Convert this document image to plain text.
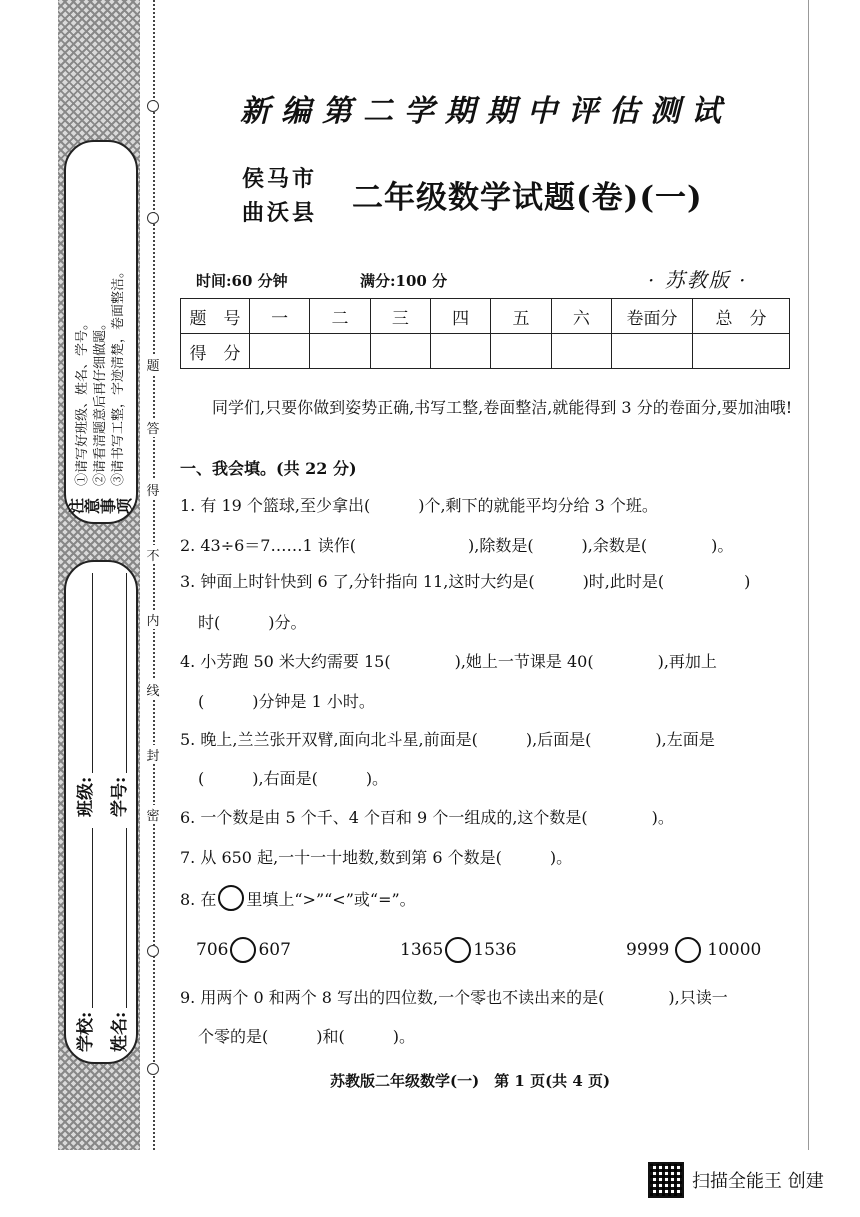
注意事项
①请写好班级、姓名、学号。 ②请看清题意后再仔细做题。 ③请书写工整，字迹清楚，卷面整洁。
班级: 学号:
学校: 姓名:
密
封
线
内
不
得
答
题
新编第二学期期中评估测试
侯马市
曲沃县 二年级数学试题(卷)(一)
时间:60 分钟	满分:100 分	· 苏教版 ·
题　号	一	二	三	四	五	六	卷面分	总　分
得　分								
同学们,只要你做到姿势正确,书写工整,卷面整洁,就能得到 3 分的卷面分,要加油哦!
一、我会填。(共 22 分)
1. 有 19 个篮球,至少拿出(　　　)个,剩下的就能平均分给 3 个班。
2. 43÷6＝7……1 读作(　　　　　　　),除数是(　　　),余数是(　　　　)。
3. 钟面上时针快到 6 了,分针指向 11,这时大约是(　　　)时,此时是(　　　　　)
时(　　　)分。
4. 小芳跑 50 米大约需要 15(　　　　),她上一节课是 40(　　　　),再加上
(　　　)分钟是 1 小时。
5. 晚上,兰兰张开双臂,面向北斗星,前面是(　　　),后面是(　　　　),左面是
(　　　),右面是(　　　)。
6. 一个数是由 5 个千、4 个百和 9 个一组成的,这个数是(　　　　)。
7. 从 650 起,一十一十地数,数到第 6 个数是(　　　)。
8. 在 里填上“>”“<”或“=”。
706 607	1365 1536	9999 10000
9. 用两个 0 和两个 8 写出的四位数,一个零也不读出来的是(　　　　),只读一
个零的是(　　　)和(　　　)。
苏教版二年级数学(一)　第 1 页(共 4 页)
扫描全能王 创建
